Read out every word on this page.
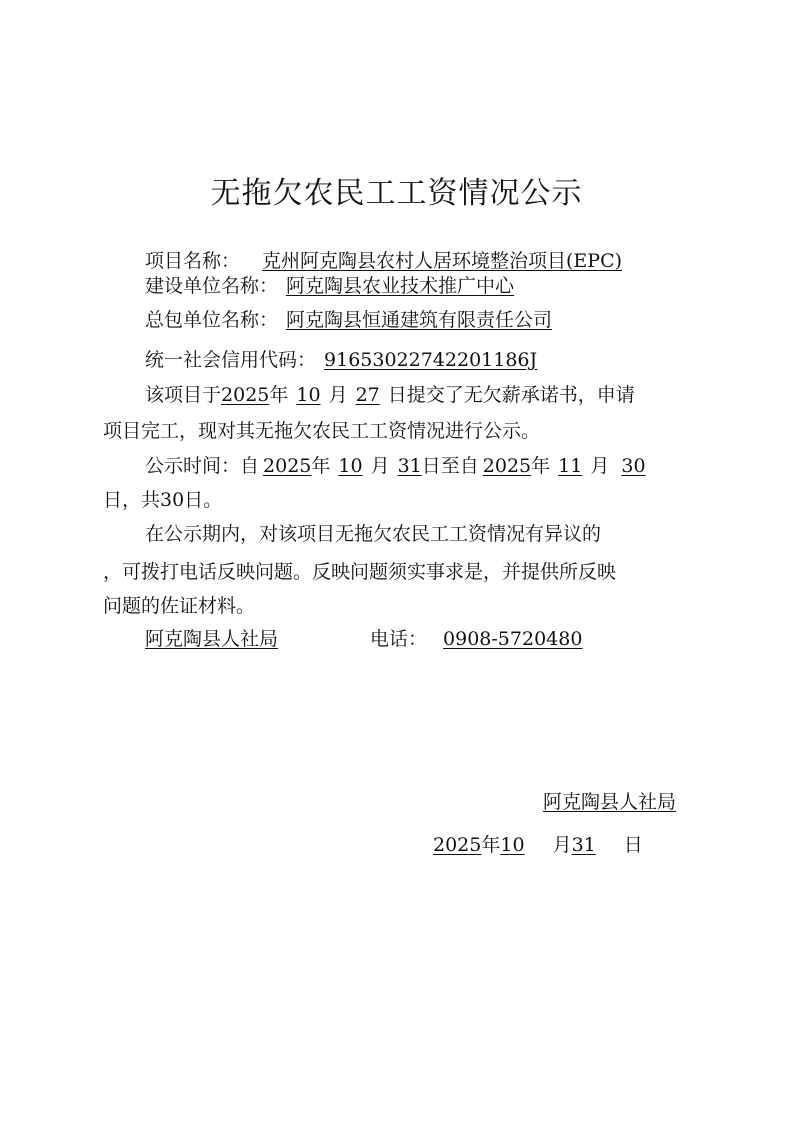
无拖欠农民工工资情况公示
项目名称： 克州阿克陶县农村人居环境整治项目(EPC)
建设单位名称： 阿克陶县农业技术推广中心
总包单位名称： 阿克陶县恒通建筑有限责任公司
统一社会信用代码： 91653022742201186J
该项目于2025年 10 月 27 日提交了无欠薪承诺书，申请
项目完工，现对其无拖欠农民工工资情况进行公示。
公示时间：自 2025年 10 月 31日至自 2025年 11 月 30
日，共30日。
在公示期内，对该项目无拖欠农民工工资情况有异议的
，可拨打电话反映问题。反映问题须实事求是，并提供所反映
问题的佐证材料。
阿克陶县人社局	电话： 0908-5720480
阿克陶县人社局
2025年10 月31 日
